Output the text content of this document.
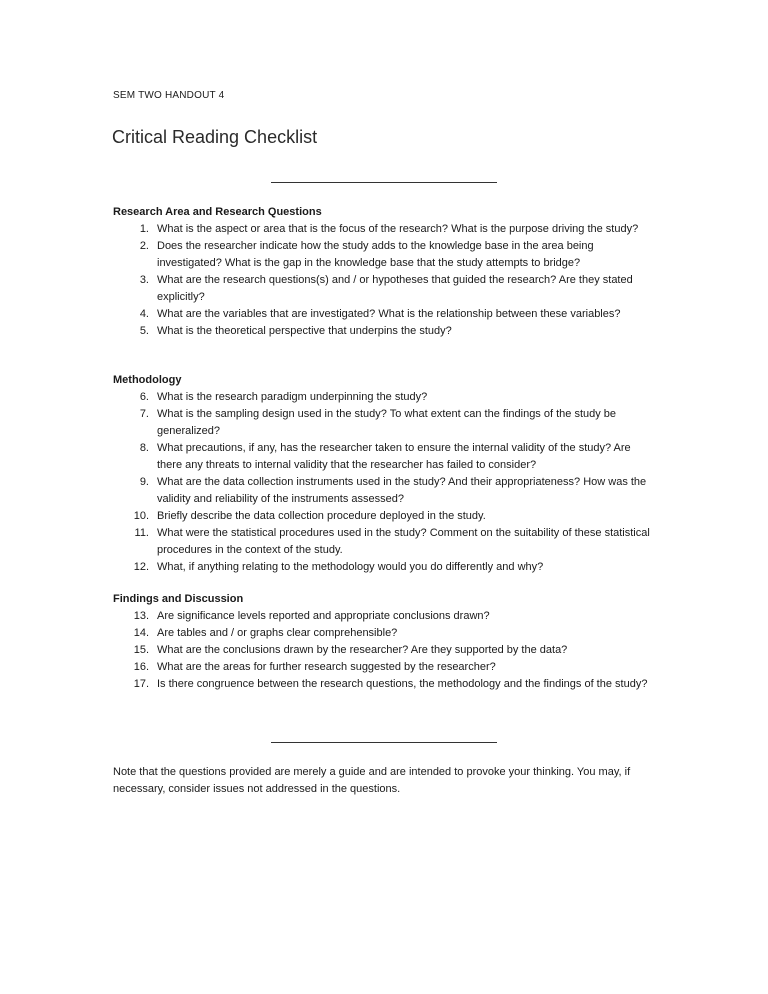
SEM TWO HANDOUT 4
Critical Reading Checklist
Research Area and Research Questions
1. What is the aspect or area that is the focus of the research? What is the purpose driving the study?
2. Does the researcher indicate how the study adds to the knowledge base in the area being investigated? What is the gap in the knowledge base that the study attempts to bridge?
3. What are the research questions(s) and / or hypotheses that guided the research? Are they stated explicitly?
4. What are the variables that are investigated? What is the relationship between these variables?
5. What is the theoretical perspective that underpins the study?
Methodology
6. What is the research paradigm underpinning the study?
7. What is the sampling design used in the study? To what extent can the findings of the study be generalized?
8. What precautions, if any, has the researcher taken to ensure the internal validity of the study? Are there any threats to internal validity that the researcher has failed to consider?
9. What are the data collection instruments used in the study? And their appropriateness? How was the validity and reliability of the instruments assessed?
10. Briefly describe the data collection procedure deployed in the study.
11. What were the statistical procedures used in the study? Comment on the suitability of these statistical procedures in the context of the study.
12. What, if anything relating to the methodology would you do differently and why?
Findings and Discussion
13. Are significance levels reported and appropriate conclusions drawn?
14. Are tables and / or graphs clear comprehensible?
15. What are the conclusions drawn by the researcher? Are they supported by the data?
16. What are the areas for further research suggested by the researcher?
17. Is there congruence between the research questions, the methodology and the findings of the study?

Note that the questions provided are merely a guide and are intended to provoke your thinking. You may, if necessary, consider issues not addressed in the questions.
